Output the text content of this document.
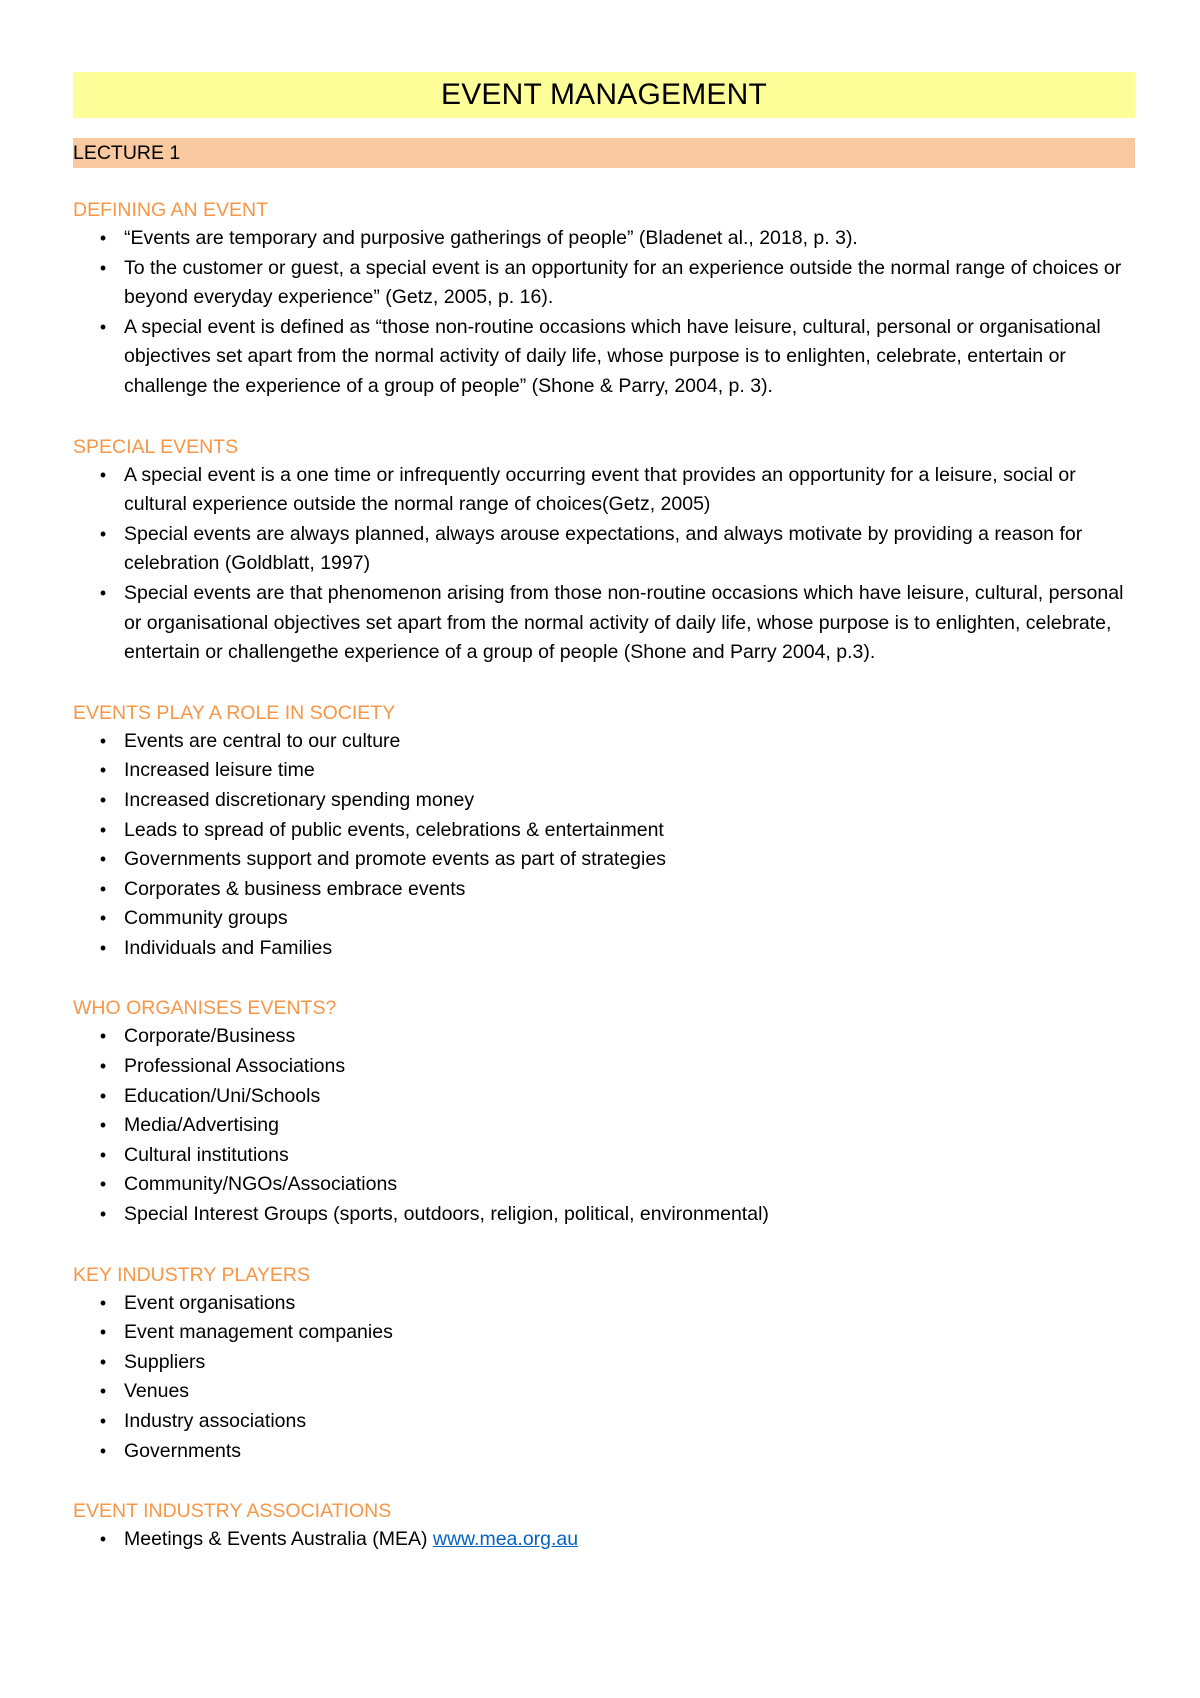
EVENT MANAGEMENT
LECTURE 1
DEFINING AN EVENT
• “Events are temporary and purposive gatherings of people” (Bladenet al., 2018, p. 3).
• To the customer or guest, a special event is an opportunity for an experience outside the normal range of choices or beyond everyday experience” (Getz, 2005, p. 16).
• A special event is defined as “those non-routine occasions which have leisure, cultural, personal or organisational objectives set apart from the normal activity of daily life, whose purpose is to enlighten, celebrate, entertain or challenge the experience of a group of people” (Shone & Parry, 2004, p. 3).
SPECIAL EVENTS
• A special event is a one time or infrequently occurring event that provides an opportunity for a leisure, social or cultural experience outside the normal range of choices(Getz, 2005)
• Special events are always planned, always arouse expectations, and always motivate by providing a reason for celebration (Goldblatt, 1997)
• Special events are that phenomenon arising from those non-routine occasions which have leisure, cultural, personal or organisational objectives set apart from the normal activity of daily life, whose purpose is to enlighten, celebrate, entertain or challengethe experience of a group of people (Shone and Parry 2004, p.3).
EVENTS PLAY A ROLE IN SOCIETY
• Events are central to our culture
• Increased leisure time
• Increased discretionary spending money
• Leads to spread of public events, celebrations & entertainment
• Governments support and promote events as part of strategies
• Corporates & business embrace events
• Community groups
• Individuals and Families
WHO ORGANISES EVENTS?
• Corporate/Business
• Professional Associations
• Education/Uni/Schools
• Media/Advertising
• Cultural institutions
• Community/NGOs/Associations
• Special Interest Groups (sports, outdoors, religion, political, environmental)
KEY INDUSTRY PLAYERS
• Event organisations
• Event management companies
• Suppliers
• Venues
• Industry associations
• Governments
EVENT INDUSTRY ASSOCIATIONS
• Meetings & Events Australia (MEA) www.mea.org.au
